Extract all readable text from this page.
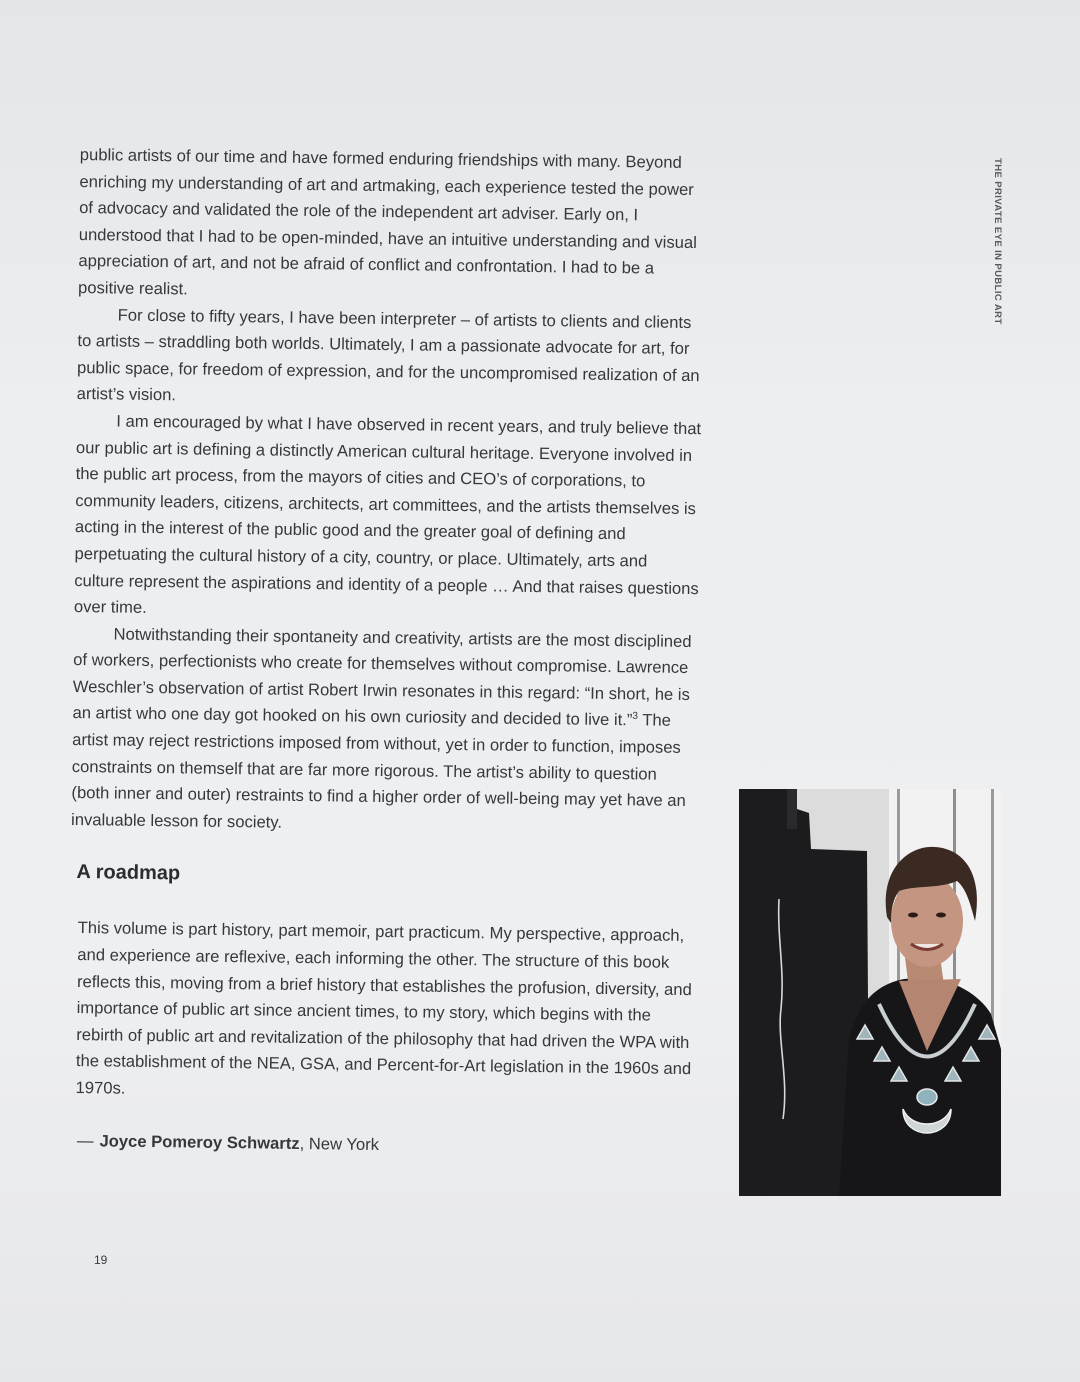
THE PRIVATE EYE IN PUBLIC ART

public artists of our time and have formed enduring friendships with many. Beyond enriching my understanding of art and artmaking, each experience tested the power of advocacy and validated the role of the independent art adviser. Early on, I understood that I had to be open-minded, have an intuitive understanding and visual appreciation of art, and not be afraid of conflict and confrontation. I had to be a positive realist.

For close to fifty years, I have been interpreter – of artists to clients and clients to artists – straddling both worlds. Ultimately, I am a passionate advocate for art, for public space, for freedom of expression, and for the uncompromised realization of an artist’s vision.

I am encouraged by what I have observed in recent years, and truly believe that our public art is defining a distinctly American cultural heritage. Everyone involved in the public art process, from the mayors of cities and CEO’s of corporations, to community leaders, citizens, architects, art committees, and the artists themselves is acting in the interest of the public good and the greater goal of defining and perpetuating the cultural history of a city, country, or place. Ultimately, arts and culture represent the aspirations and identity of a people … And that raises questions over time.

Notwithstanding their spontaneity and creativity, artists are the most disciplined of workers, perfectionists who create for themselves without compromise. Lawrence Weschler’s observation of artist Robert Irwin resonates in this regard: “In short, he is an artist who one day got hooked on his own curiosity and decided to live it.”$^3$ The artist may reject restrictions imposed from without, yet in order to function, imposes constraints on themself that are far more rigorous. The artist’s ability to question (both inner and outer) restraints to find a higher order of well-being may yet have an invaluable lesson for society.

A roadmap

This volume is part history, part memoir, part practicum. My perspective, approach, and experience are reflexive, each informing the other. The structure of this book reflects this, moving from a brief history that establishes the profusion, diversity, and importance of public art since ancient times, to my story, which begins with the rebirth of public art and revitalization of the philosophy that had driven the WPA with the establishment of the NEA, GSA, and Percent-for-Art legislation in the 1960s and 1970s.

— Joyce Pomeroy Schwartz, New York
19
